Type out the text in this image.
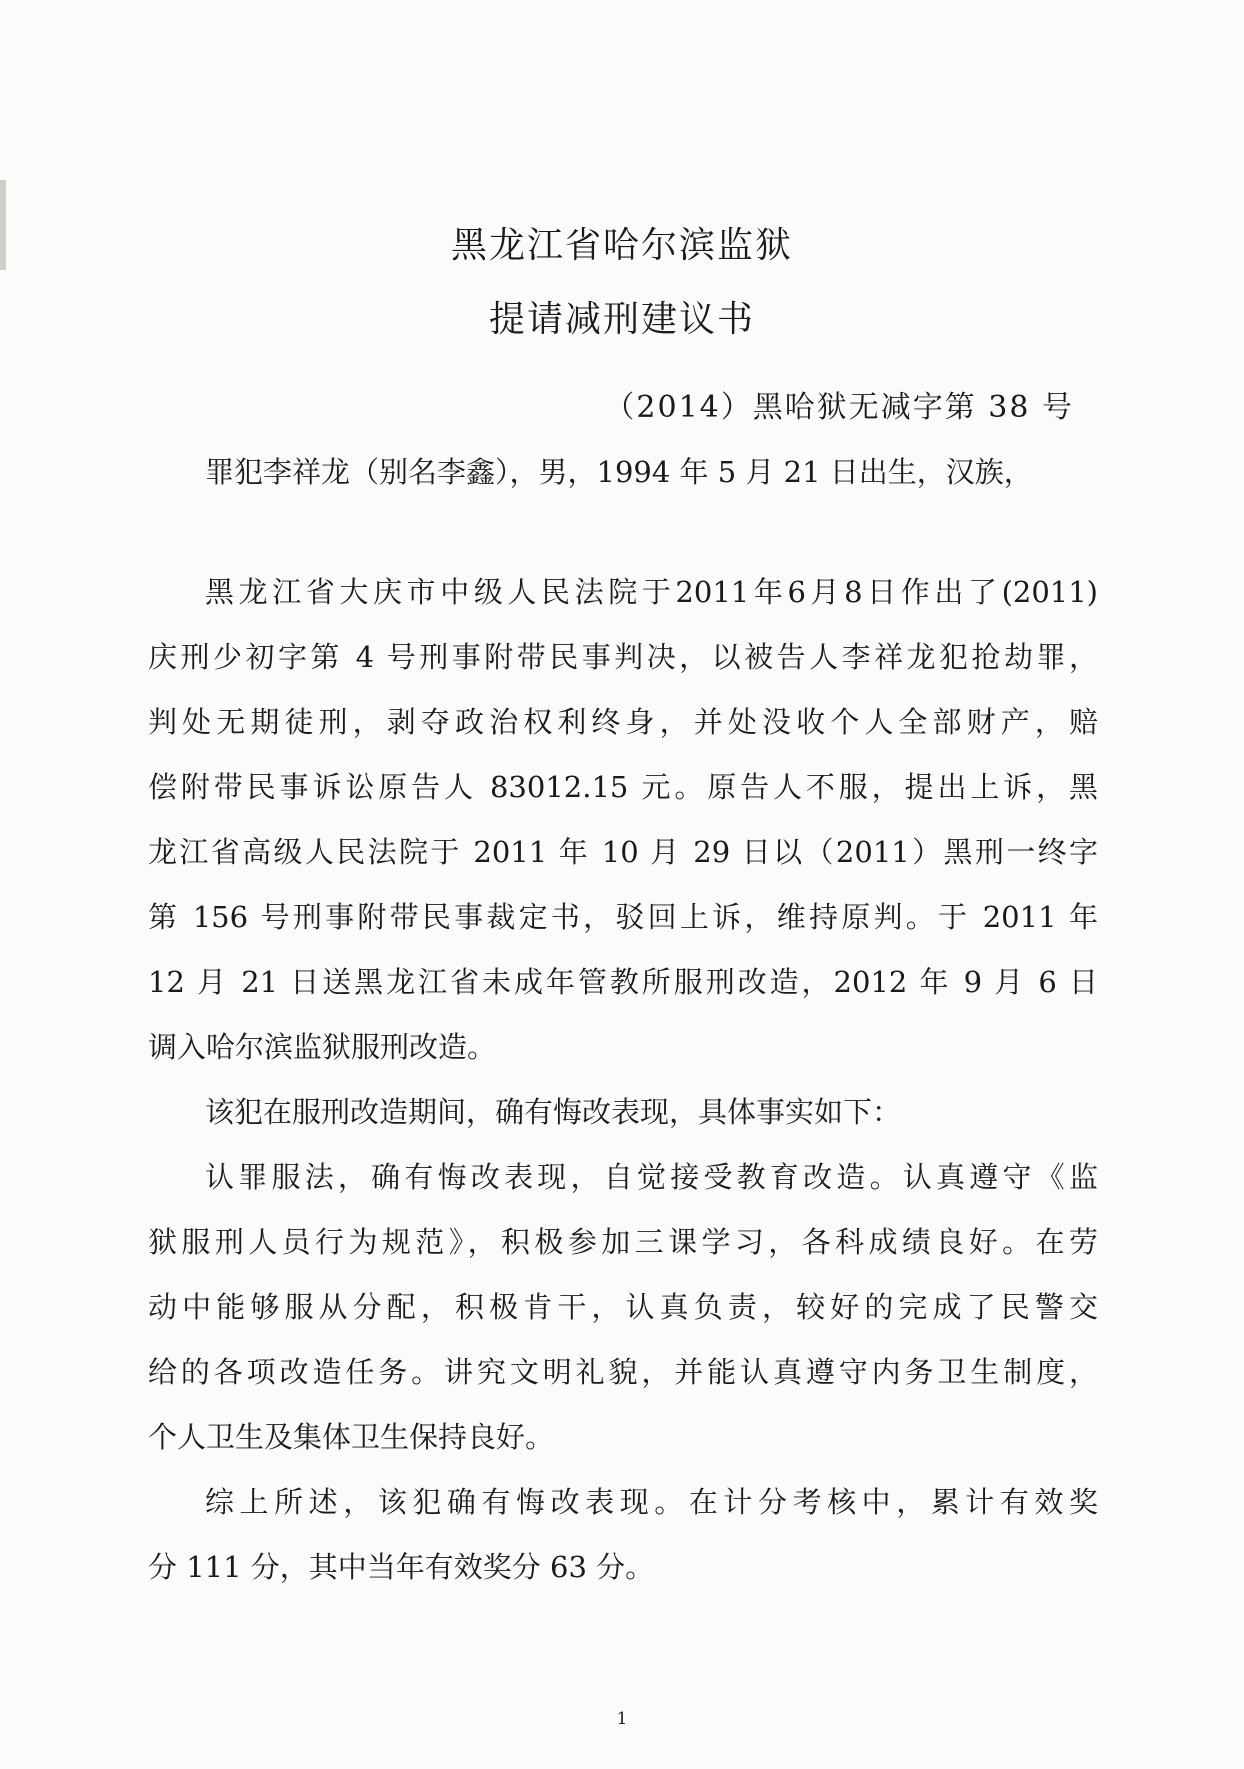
黑龙江省哈尔滨监狱
提请减刑建议书
（2014）黑哈狱无减字第 38 号
罪犯李祥龙（别名李鑫），男，1994 年 5 月 21 日出生，汉族，
黑龙江省大庆市中级人民法院于2011年6月8日作出了(2011)
庆刑少初字第 4 号刑事附带民事判决，以被告人李祥龙犯抢劫罪，
判处无期徒刑，剥夺政治权利终身，并处没收个人全部财产，赔
偿附带民事诉讼原告人 83012.15 元。原告人不服，提出上诉，黑
龙江省高级人民法院于 2011 年 10 月 29 日以（2011）黑刑一终字
第 156 号刑事附带民事裁定书，驳回上诉，维持原判。于 2011 年
12 月 21 日送黑龙江省未成年管教所服刑改造，2012 年 9 月 6 日
调入哈尔滨监狱服刑改造。
该犯在服刑改造期间，确有悔改表现，具体事实如下：
认罪服法，确有悔改表现，自觉接受教育改造。认真遵守《监
狱服刑人员行为规范》，积极参加三课学习，各科成绩良好。在劳
动中能够服从分配，积极肯干，认真负责，较好的完成了民警交
给的各项改造任务。讲究文明礼貌，并能认真遵守内务卫生制度，
个人卫生及集体卫生保持良好。
综上所述，该犯确有悔改表现。在计分考核中，累计有效奖
分 111 分，其中当年有效奖分 63 分。
1
